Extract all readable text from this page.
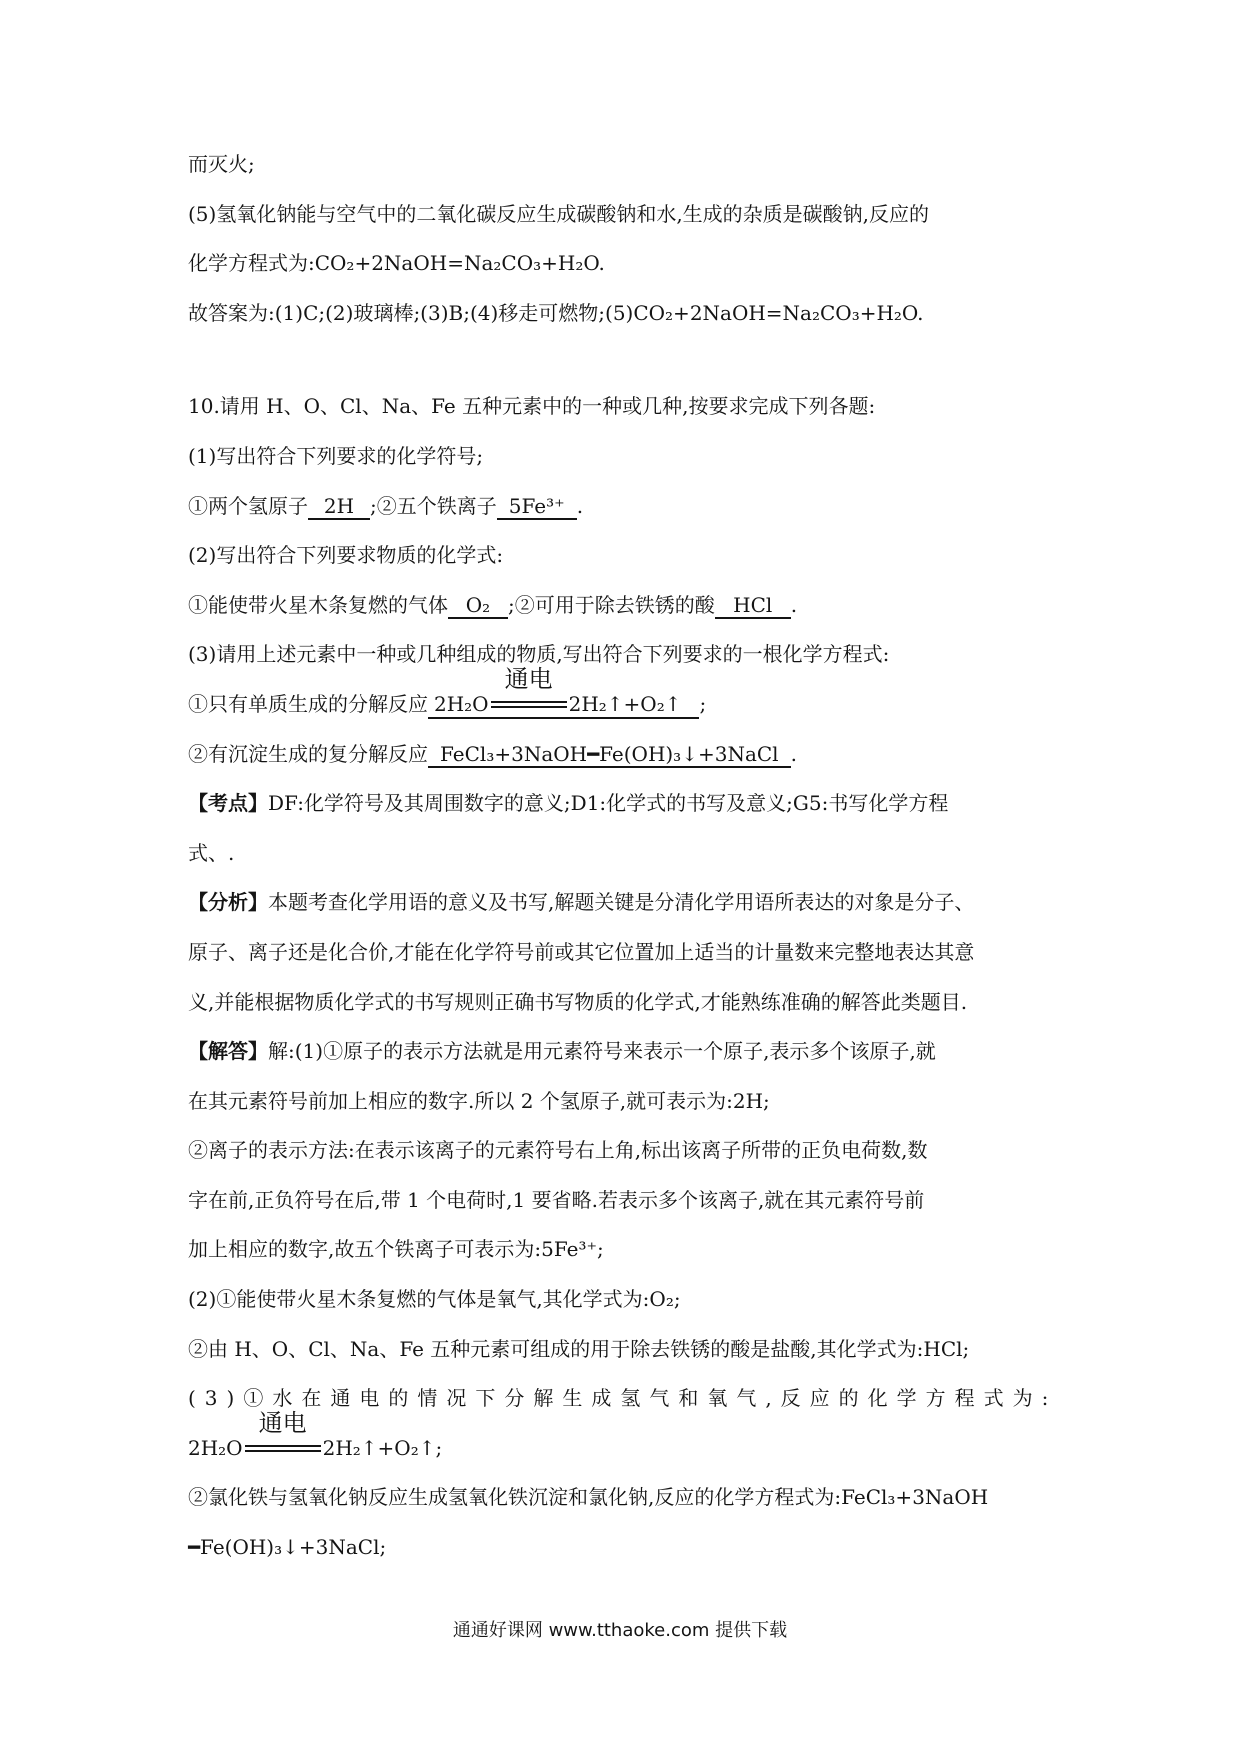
而灭火;
(5)氢氧化钠能与空气中的二氧化碳反应生成碳酸钠和水,生成的杂质是碳酸钠,反应的
化学方程式为:CO₂+2NaOH=Na₂CO₃+H₂O.
故答案为:(1)C;(2)玻璃棒;(3)B;(4)移走可燃物;(5)CO₂+2NaOH=Na₂CO₃+H₂O.
10.请用 H、O、Cl、Na、Fe 五种元素中的一种或几种,按要求完成下列各题:
(1)写出符合下列要求的化学符号;
①两个氢原子 2H ;②五个铁离子 5Fe³⁺ .
(2)写出符合下列要求物质的化学式:
①能使带火星木条复燃的气体 O₂ ;②可用于除去铁锈的酸 HCl .
(3)请用上述元素中一种或几种组成的物质,写出符合下列要求的一根化学方程式:
①只有单质生成的分解反应 2H₂O
通电
2H₂↑+O₂↑ ;
②有沉淀生成的复分解反应 FeCl₃+3NaOH━Fe(OH)₃↓+3NaCl .
【考点】DF:化学符号及其周围数字的意义;D1:化学式的书写及意义;G5:书写化学方程
式、.
【分析】本题考查化学用语的意义及书写,解题关键是分清化学用语所表达的对象是分子、
原子、离子还是化合价,才能在化学符号前或其它位置加上适当的计量数来完整地表达其意
义,并能根据物质化学式的书写规则正确书写物质的化学式,才能熟练准确的解答此类题目.
【解答】解:(1)①原子的表示方法就是用元素符号来表示一个原子,表示多个该原子,就
在其元素符号前加上相应的数字.所以 2 个氢原子,就可表示为:2H;
②离子的表示方法:在表示该离子的元素符号右上角,标出该离子所带的正负电荷数,数
字在前,正负符号在后,带 1 个电荷时,1 要省略.若表示多个该离子,就在其元素符号前
加上相应的数字,故五个铁离子可表示为:5Fe³⁺;
(2)①能使带火星木条复燃的气体是氧气,其化学式为:O₂;
②由 H、O、Cl、Na、Fe 五种元素可组成的用于除去铁锈的酸是盐酸,其化学式为:HCl;
(3)①水在通电的情况下分解生成氢气和氧气,反应的化学方程式为:
2H₂O
通电
2H₂↑+O₂↑;
②氯化铁与氢氧化钠反应生成氢氧化铁沉淀和氯化钠,反应的化学方程式为:FeCl₃+3NaOH
━Fe(OH)₃↓+3NaCl;
通通好课网 www.tthaoke.com 提供下载
